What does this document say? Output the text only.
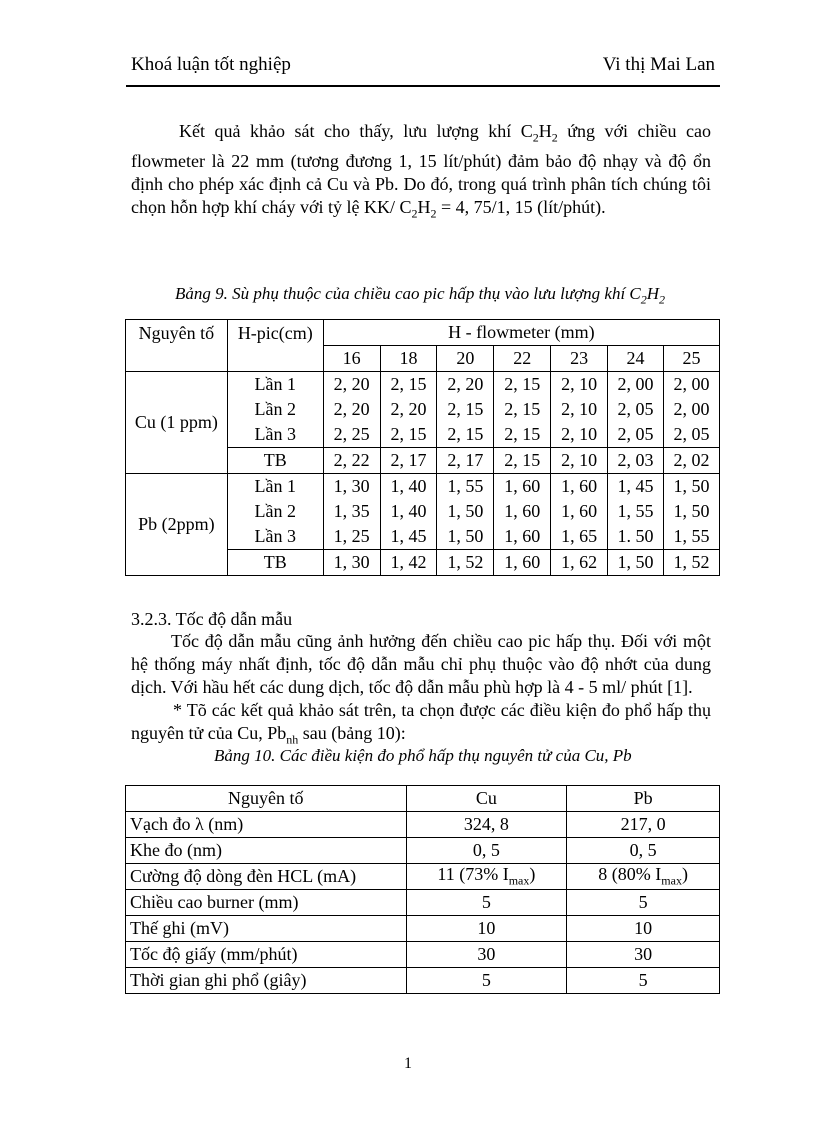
Khoá luận tốt nghiệp	Vi thị Mai Lan
Kết quả khảo sát cho thấy, lưu lượng khí $C_2H_2$ ứng với chiều cao flowmeter là 22 mm (tương đương 1, 15 lít/phút) đảm bảo độ nhạy và độ ổn định cho phép xác định cả Cu và Pb. Do đó, trong quá trình phân tích chúng tôi chọn hỗn hợp khí cháy với tỷ lệ KK/ $C_2H_2 = 4$, 75/1, 15 (lít/phút).
Bảng 9. Sù phụ thuộc của chiều cao pic hấp thụ vào lưu lượng khí $C_2H_2$
Nguyên tố	H-pic(cm)	H - flowmeter (mm)						
		16	18	20	22	23	24	25
Cu (1 ppm)	Lần 1	2, 20	2, 15	2, 20	2, 15	2, 10	2, 00	2, 00
	Lần 2	2, 20	2, 20	2, 15	2, 15	2, 10	2, 05	2, 00
	Lần 3	2, 25	2, 15	2, 15	2, 15	2, 10	2, 05	2, 05
	TB	2, 22	2, 17	2, 17	2, 15	2, 10	2, 03	2, 02
Pb (2ppm)	Lần 1	1, 30	1, 40	1, 55	1, 60	1, 60	1, 45	1, 50
	Lần 2	1, 35	1, 40	1, 50	1, 60	1, 60	1, 55	1, 50
	Lần 3	1, 25	1, 45	1, 50	1, 60	1, 65	1. 50	1, 55
	TB	1, 30	1, 42	1, 52	1, 60	1, 62	1, 50	1, 52
3.2.3. Tốc độ dẫn mẫu
Tốc độ dẫn mẫu cũng ảnh hưởng đến chiều cao pic hấp thụ. Đối với một hệ thống máy nhất định, tốc độ dẫn mẫu chỉ phụ thuộc vào độ nhớt của dung dịch. Với hầu hết các dung dịch, tốc độ dẫn mẫu phù hợp là 4 - 5 ml/ phút [1].
* Tõ các kết quả khảo sát trên, ta chọn được các điều kiện đo phổ hấp thụ nguyên tử của Cu, $Pb_{nh}$ sau (bảng 10):
Bảng 10. Các điều kiện đo phổ hấp thụ nguyên tử của Cu, Pb
Nguyên tố	Cu	Pb
Vạch đo λ (nm)	324, 8	217, 0
Khe đo (nm)	0, 5	0, 5
Cường độ dòng đèn HCL (mA)	11 (73% $I_{max}$)	8 (80% $I_{max}$)
Chiều cao burner (mm)	5	5
Thế ghi (mV)	10	10
Tốc độ giấy (mm/phút)	30	30
Thời gian ghi phổ (giây)	5	5
1
